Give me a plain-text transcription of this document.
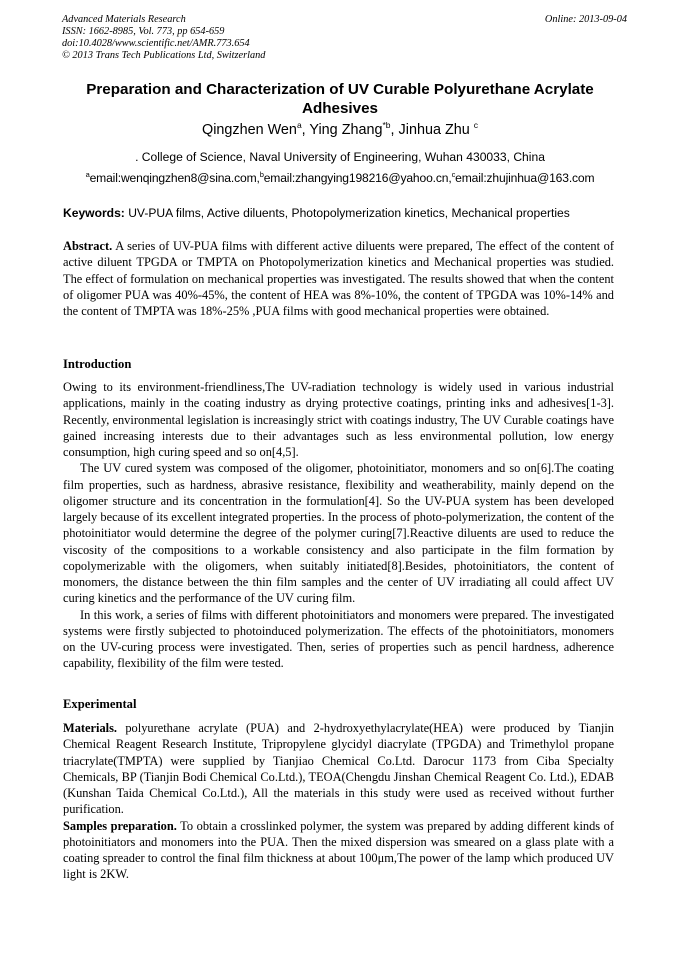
Advanced Materials Research
ISSN: 1662-8985, Vol. 773, pp 654-659
doi:10.4028/www.scientific.net/AMR.773.654
© 2013 Trans Tech Publications Ltd, Switzerland
Online: 2013-09-04
Preparation and Characterization of UV Curable Polyurethane Acrylate Adhesives
Qingzhen Wen$^a$, Ying Zhang$^{*b}$, Jinhua Zhu $^c$
. College of Science, Naval University of Engineering, Wuhan 430033, China
$^a$email:wenqingzhen8@sina.com,$^b$email:zhangying198216@yahoo.cn,$^c$email:zhujinhua@163.com
Keywords: UV-PUA films, Active diluents, Photopolymerization kinetics, Mechanical properties

Abstract. A series of UV-PUA films with different active diluents were prepared, The effect of the content of active diluent TPGDA or TMPTA on Photopolymerization kinetics and Mechanical properties was studied. The effect of formulation on mechanical properties was investigated. The results showed that when the content of oligomer PUA was 40%-45%, the content of HEA was 8%-10%, the content of TPGDA was 10%-14% and the content of TMPTA was 18%-25% ,PUA films with good mechanical properties were obtained.

Introduction

Owing to its environment-friendliness,The UV-radiation technology is widely used in various industrial applications, mainly in the coating industry as drying protective coatings, printing inks and adhesives[1-3]. Recently, environmental legislation is increasingly strict with coatings industry, The UV Curable coatings have gained increasing interests due to their advantages such as less environmental pollution, low energy consumption, high curing speed and so on[4,5].

The UV cured system was composed of the oligomer, photoinitiator, monomers and so on[6].The coating film properties, such as hardness, abrasive resistance, flexibility and weatherability, mainly depend on the oligomer structure and its concentration in the formulation[4]. So the UV-PUA system has been developed largely because of its excellent integrated properties. In the process of photo-polymerization, the content of the photoinitiator would determine the degree of the polymer curing[7].Reactive diluents are used to reduce the viscosity of the compositions to a workable consistency and also participate in the film formation by copolymerizable with the oligomers, when suitably initiated[8].Besides, photoinitiators, the content of monomers, the distance between the thin film samples and the center of UV irradiating all could affect UV curing kinetics and the performance of the UV curing film.

In this work, a series of films with different photoinitiators and monomers were prepared. The investigated systems were firstly subjected to photoinduced polymerization. The effects of the photoinitiators, monomers on the UV-curing process were investigated. Then, series of properties such as pencil hardness, adherence capability, flexibility of the film were tested.

Experimental

Materials. polyurethane acrylate (PUA) and 2-hydroxyethylacrylate(HEA) were produced by Tianjin Chemical Reagent Research Institute, Tripropylene glycidyl diacrylate (TPGDA) and Trimethylol propane triacrylate(TMPTA) were supplied by Tianjiao Chemical Co.Ltd. Darocur 1173 from Ciba Specialty Chemicals, BP (Tianjin Bodi Chemical Co.Ltd.), TEOA(Chengdu Jinshan Chemical Reagent Co. Ltd.), EDAB (Kunshan Taida Chemical Co.Ltd.), All the materials in this study were used as received without further purification.

Samples preparation. To obtain a crosslinked polymer, the system was prepared by adding different kinds of photoinitiators and monomers into the PUA. Then the mixed dispersion was smeared on a glass plate with a coating spreader to control the final film thickness at about 100μm,The power of the lamp which produced UV light is 2KW.
